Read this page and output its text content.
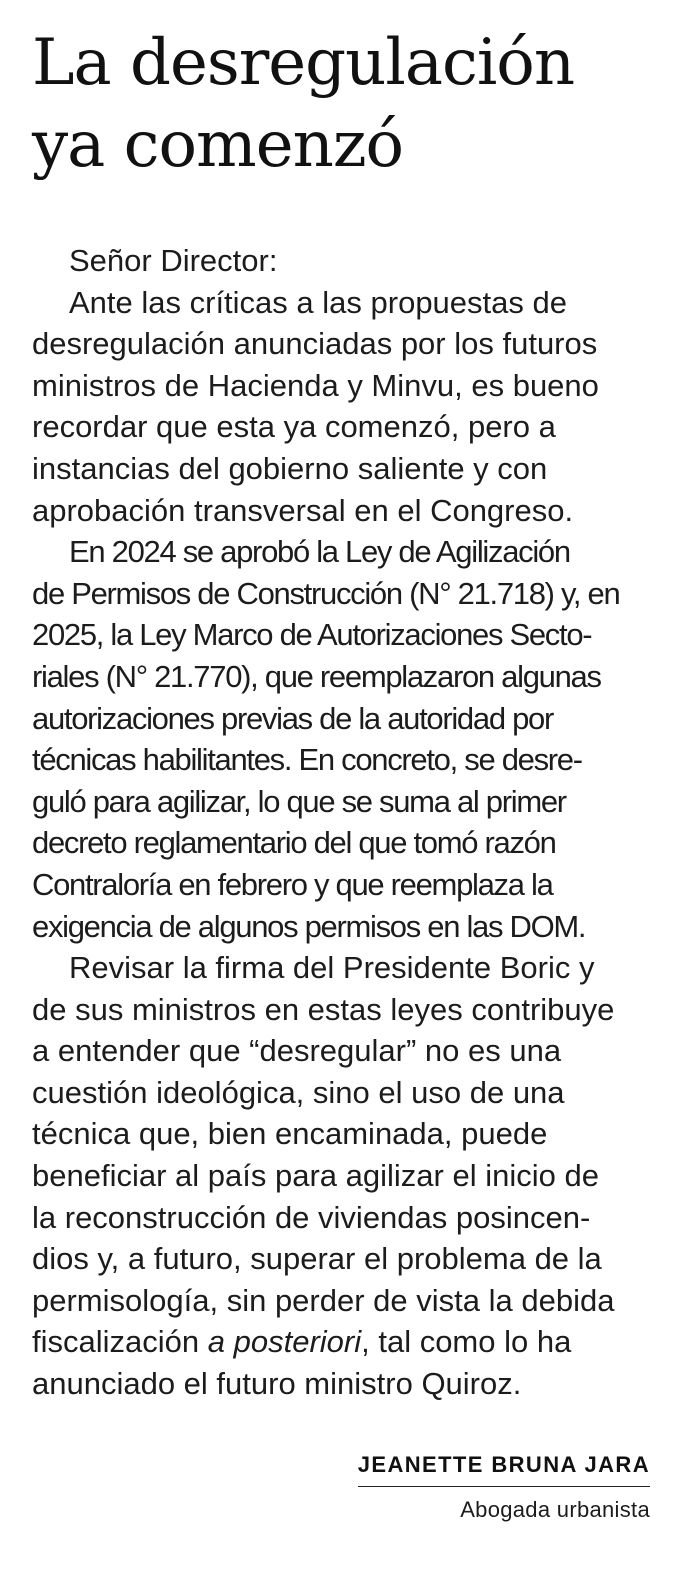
La desregulación
ya comenzó

Señor Director:

Ante las críticas a las propuestas de
desregulación anunciadas por los futuros
ministros de Hacienda y Minvu, es bueno
recordar que esta ya comenzó, pero a
instancias del gobierno saliente y con
aprobación transversal en el Congreso.

En 2024 se aprobó la Ley de Agilización
de Permisos de Construcción (N° 21.718) y, en
2025, la Ley Marco de Autorizaciones Secto-
riales (N° 21.770), que reemplazaron algunas
autorizaciones previas de la autoridad por
técnicas habilitantes. En concreto, se desre-
guló para agilizar, lo que se suma al primer
decreto reglamentario del que tomó razón
Contraloría en febrero y que reemplaza la
exigencia de algunos permisos en las DOM.

Revisar la firma del Presidente Boric y
de sus ministros en estas leyes contribuye
a entender que “desregular” no es una
cuestión ideológica, sino el uso de una
técnica que, bien encaminada, puede
beneficiar al país para agilizar el inicio de
la reconstrucción de viviendas posincen-
dios y, a futuro, superar el problema de la
permisología, sin perder de vista la debida
fiscalización a posteriori, tal como lo ha
anunciado el futuro ministro Quiroz.

JEANETTE BRUNA JARA
Abogada urbanista
